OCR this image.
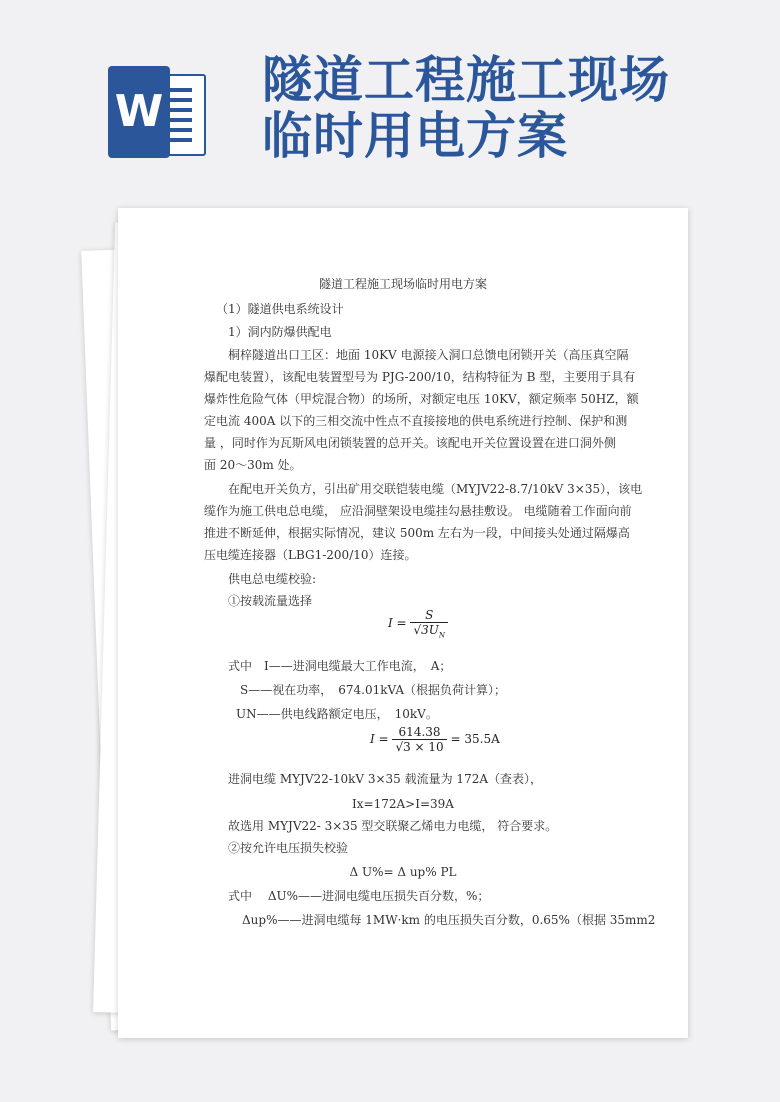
W
隧道工程施工现场
临时用电方案
隧道工程施工现场临时用电方案
（1）隧道供电系统设计
1）洞内防爆供配电
桐梓隧道出口工区：地面 10KV 电源接入洞口总馈电闭锁开关（高压真空隔
爆配电装置），该配电装置型号为 PJG-200/10，结构特征为 B 型，主要用于具有
爆炸性危险气体（甲烷混合物）的场所，对额定电压 10KV，额定频率 50HZ，额
定电流 400A 以下的三相交流中性点不直接接地的供电系统进行控制、保护和测
量 ，同时作为瓦斯风电闭锁装置的总开关。该配电开关位置设置在进口洞外侧
面 20～30m 处。
在配电开关负方，引出矿用交联铠装电缆（MYJV22-8.7/10kV 3×35），该电
缆作为施工供电总电缆， 应沿洞壁架设电缆挂勾悬挂敷设。 电缆随着工作面向前
推进不断延伸，根据实际情况，建议 500m 左右为一段，中间接头处通过隔爆高
压电缆连接器（LBG1-200/10）连接。
供电总电缆校验:
①按载流量选择
$I = \frac{S}{√3U_N}$
式中　I——进洞电缆最大工作电流，　A；
S——视在功率，　674.01kVA（根据负荷计算）；
UN——供电线路额定电压，　10kV。
$I = \frac{614.38}{√3 \times 10} = 35.5A$
进洞电缆 MYJV22-10kV 3×35 载流量为 172A（查表），
Ix=172A>I=39A
故选用 MYJV22- 3×35 型交联聚乙烯电力电缆， 符合要求。
②按允许电压损失校验
Δ U%= Δ up% PL
式中　 ΔU%——进洞电缆电压损失百分数，%；
Δup%——进洞电缆每 1MW·km 的电压损失百分数，0.65%（根据 35mm2
